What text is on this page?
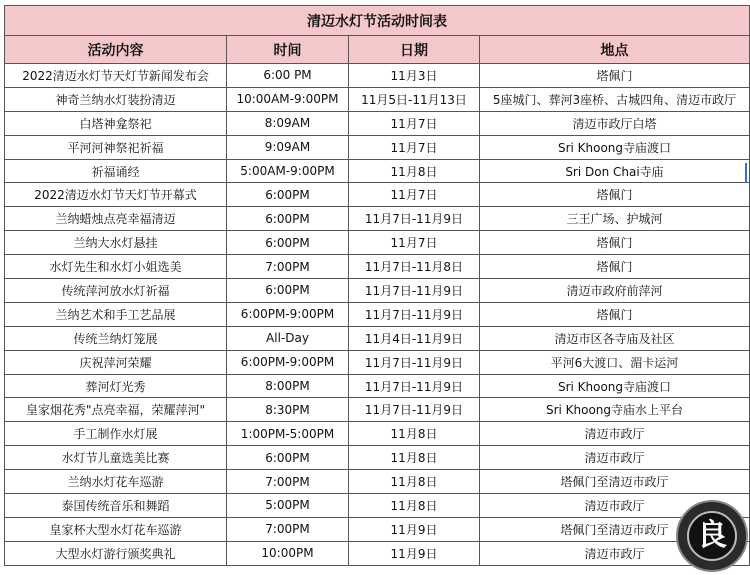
清迈水灯节活动时间表			
活动内容	时间	日期	地点
2022清迈水灯节天灯节新闻发布会	6:00 PM	11月3日	塔佩门
神奇兰纳水灯装扮清迈	10:00AM-9:00PM	11月5日-11月13日	5座城门、葬河3座桥、古城四角、清迈市政厅
白塔神龛祭祀	8:09AM	11月7日	清迈市政厅白塔
平河河神祭祀祈福	9:09AM	11月7日	Sri Khoong寺庙渡口
祈福诵经	5:00AM-9:00PM	11月8日	Sri Don Chai寺庙
2022清迈水灯节天灯节开幕式	6:00PM	11月7日	塔佩门
兰纳蜡烛点亮幸福清迈	6:00PM	11月7日-11月9日	三王广场、护城河
兰纳大水灯悬挂	6:00PM	11月7日	塔佩门
水灯先生和水灯小姐选美	7:00PM	11月7日-11月8日	塔佩门
传统萍河放水灯祈福	6:00PM	11月7日-11月9日	清迈市政府前萍河
兰纳艺术和手工艺品展	6:00PM-9:00PM	11月7日-11月9日	塔佩门
传统兰纳灯笼展	All-Day	11月4日-11月9日	清迈市区各寺庙及社区
庆祝萍河荣耀	6:00PM-9:00PM	11月7日-11月9日	平河6大渡口、湄卡运河
葬河灯光秀	8:00PM	11月7日-11月9日	Sri Khoong寺庙渡口
皇家烟花秀"点亮幸福，荣耀萍河"	8:30PM	11月7日-11月9日	Sri Khoong寺庙水上平台
手工制作水灯展	1:00PM-5:00PM	11月8日	清迈市政厅
水灯节儿童选美比赛	6:00PM	11月8日	清迈市政厅
兰纳水灯花车巡游	7:00PM	11月8日	塔佩门至清迈市政厅
泰国传统音乐和舞蹈	5:00PM	11月8日	清迈市政厅
皇家杯大型水灯花车巡游	7:00PM	11月9日	塔佩门至清迈市政厅
大型水灯游行颁奖典礼	10:00PM	11月9日	清迈市政厅
良
